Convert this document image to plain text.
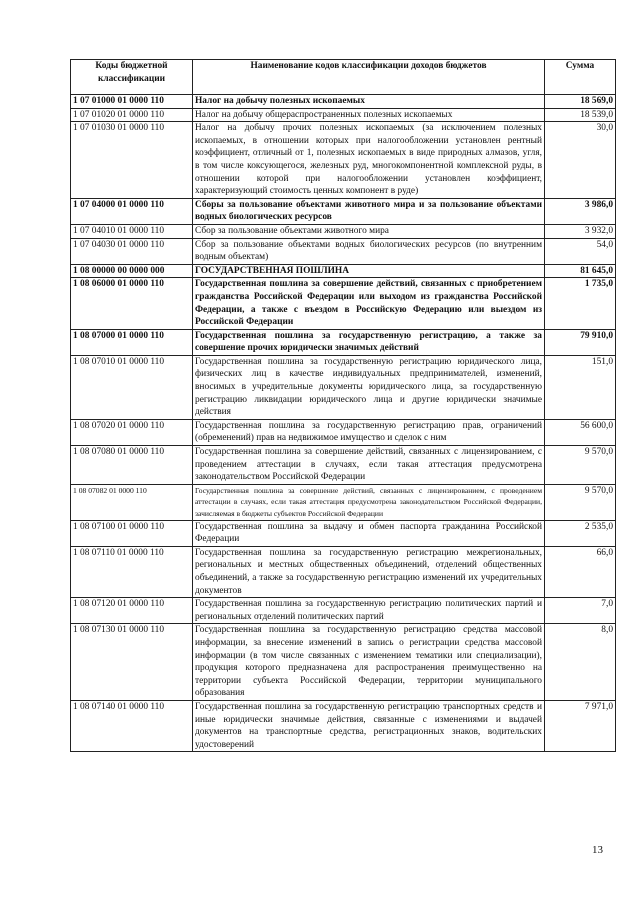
Коды бюджетной классификации	Наименование кодов классификации доходов бюджетов	Сумма
1 07 01000 01 0000 110	Налог на добычу полезных ископаемых	18 569,0
1 07 01020 01 0000 110	Налог на добычу общераспространенных полезных ископаемых	18 539,0
1 07 01030 01 0000 110	Налог на добычу прочих полезных ископаемых (за исключением полезных ископаемых, в отношении которых при налогообложении установлен рентный коэффициент, отличный от 1, полезных ископаемых в виде природных алмазов, угля, в том числе коксующегося, железных руд, многокомпонентной комплексной руды, в отношении которой при налогообложении установлен коэффициент, характеризующий стоимость ценных компонент в руде)	30,0
1 07 04000 01 0000 110	Сборы за пользование объектами животного мира и за пользование объектами водных биологических ресурсов	3 986,0
1 07 04010 01 0000 110	Сбор за пользование объектами животного мира	3 932,0
1 07 04030 01 0000 110	Сбор за пользование объектами водных биологических ресурсов (по внутренним водным объектам)	54,0
1 08 00000 00 0000 000	ГОСУДАРСТВЕННАЯ ПОШЛИНА	81 645,0
1 08 06000 01 0000 110	Государственная пошлина за совершение действий, связанных с приобретением гражданства Российской Федерации или выходом из гражданства Российской Федерации, а также с въездом в Российскую Федерацию или выездом из Российской Федерации	1 735,0
1 08 07000 01 0000 110	Государственная пошлина за государственную регистрацию, а также за совершение прочих юридически значимых действий	79 910,0
1 08 07010 01 0000 110	Государственная пошлина за государственную регистрацию юридического лица, физических лиц в качестве индивидуальных предпринимателей, изменений, вносимых в учредительные документы юридического лица, за государственную регистрацию ликвидации юридического лица и другие юридически значимые действия	151,0
1 08 07020 01 0000 110	Государственная пошлина за государственную регистрацию прав, ограничений (обременений) прав на недвижимое имущество и сделок с ним	56 600,0
1 08 07080 01 0000 110	Государственная пошлина за совершение действий, связанных с лицензированием, с проведением аттестации в случаях, если такая аттестация предусмотрена законодательством Российской Федерации	9 570,0
1 08 07082 01 0000 110	Государственная пошлина за совершение действий, связанных с лицензированием, с проведением аттестации в случаях, если такая аттестация предусмотрена законодательством Российской Федерации, зачисляемая в бюджеты субъектов Российской Федерации	9 570,0
1 08 07100 01 0000 110	Государственная пошлина за выдачу и обмен паспорта гражданина Российской Федерации	2 535,0
1 08 07110 01 0000 110	Государственная пошлина за государственную регистрацию межрегиональных, региональных и местных общественных объединений, отделений общественных объединений, а также за государственную регистрацию изменений их учредительных документов	66,0
1 08 07120 01 0000 110	Государственная пошлина за государственную регистрацию политических партий и региональных отделений политических партий	7,0
1 08 07130 01 0000 110	Государственная пошлина за государственную регистрацию средства массовой информации, за внесение изменений в запись о регистрации средства массовой информации (в том числе связанных с изменением тематики или специализации), продукция которого предназначена для распространения преимущественно на территории субъекта Российской Федерации, территории муниципального образования	8,0
1 08 07140 01 0000 110	Государственная пошлина за государственную регистрацию транспортных средств и иные юридически значимые действия, связанные с изменениями и выдачей документов на транспортные средства, регистрационных знаков, водительских удостоверений	7 971,0
13
